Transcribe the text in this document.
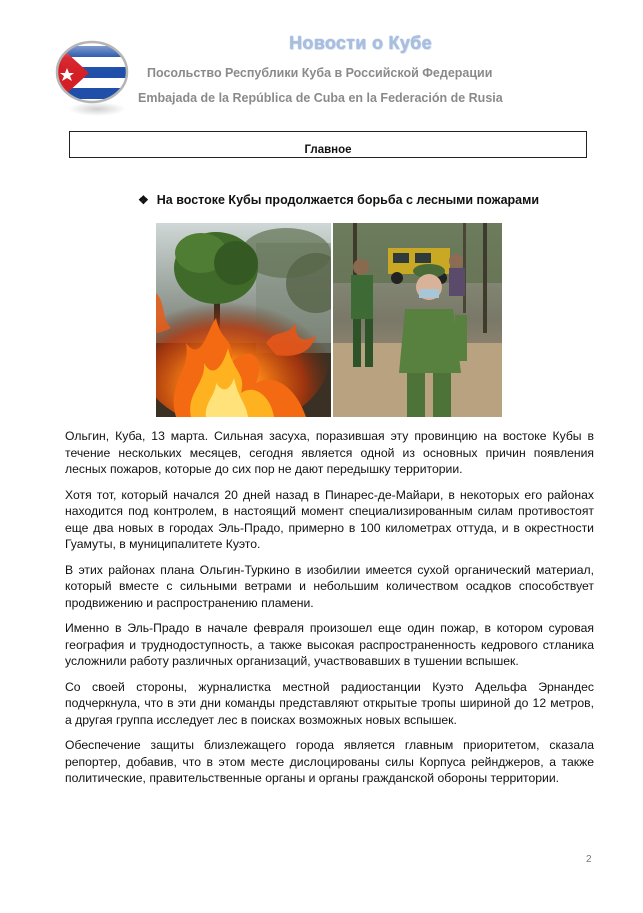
Новости о Кубе
Посольство Республики Куба в Российской Федерации
Embajada de la República de Cuba en la Federación de Rusia
Главное
❖ На востоке Кубы продолжается борьба с лесными пожарами

Ольгин, Куба, 13 марта. Сильная засуха, поразившая эту провинцию на востоке Кубы в течение нескольких месяцев, сегодня является одной из основных причин появления лесных пожаров, которые до сих пор не дают передышку территории.

Хотя тот, который начался 20 дней назад в Пинарес-де-Майари, в некоторых его районах находится под контролем, в настоящий момент специализированным силам противостоят еще два новых в городах Эль-Прадо, примерно в 100 километрах оттуда, и в окрестности Гуамуты, в муниципалитете Куэто.

В этих районах плана Ольгин-Туркино в изобилии имеется сухой органический материал, который вместе с сильными ветрами и небольшим количеством осадков способствует продвижению и распространению пламени.

Именно в Эль-Прадо в начале февраля произошел еще один пожар, в котором суровая география и труднодоступность, а также высокая распространенность кедрового стланика усложнили работу различных организаций, участвовавших в тушении вспышек.

Со своей стороны, журналистка местной радиостанции Куэто Адельфа Эрнандес подчеркнула, что в эти дни команды представляют открытые тропы шириной до 12 метров, а другая группа исследует лес в поисках возможных новых вспышек.

Обеспечение защиты близлежащего города является главным приоритетом, сказала репортер, добавив, что в этом месте дислоцированы силы Корпуса рейнджеров, а также политические, правительственные органы и органы гражданской обороны территории.

2
